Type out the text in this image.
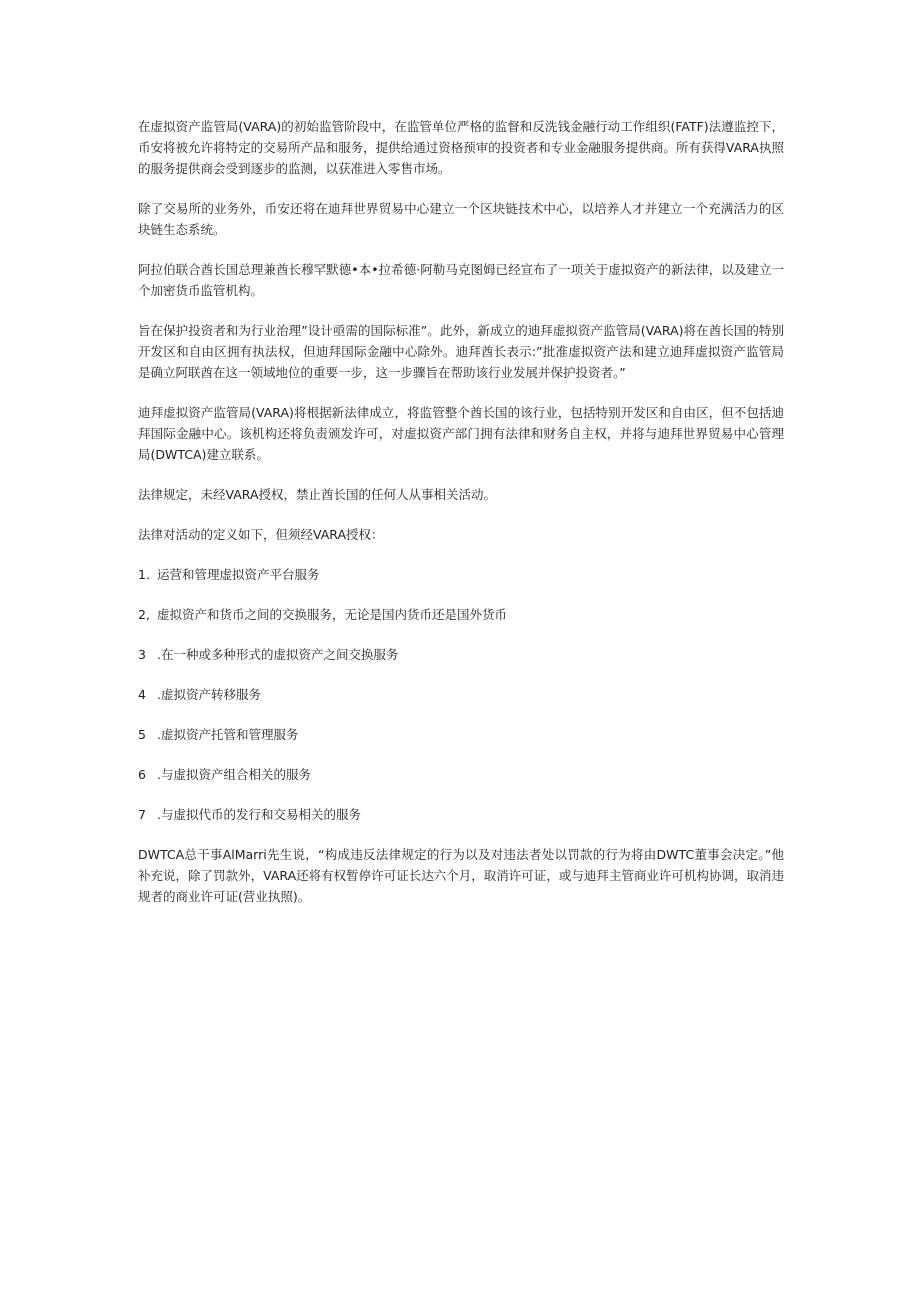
在虚拟资产监管局(VARA)的初始监管阶段中，在监管单位严格的监督和反洗钱金融行动工作组织(FATF)法遵监控下，币安将被允许将特定的交易所产品和服务，提供给通过资格预审的投资者和专业金融服务提供商。所有获得VARA执照的服务提供商会受到逐步的监测，以获准进入零售市场。

除了交易所的业务外，币安还将在迪拜世界贸易中心建立一个区块链技术中心，以培养人才并建立一个充满活力的区块链生态系统。

阿拉伯联合酋长国总理兼酋长穆罕默德•本•拉希德·阿勒马克图姆已经宣布了一项关于虚拟资产的新法律，以及建立一个加密货币监管机构。

旨在保护投资者和为行业治理”设计亟需的国际标准”。此外，新成立的迪拜虚拟资产监管局(VARA)将在酋长国的特别开发区和自由区拥有执法权，但迪拜国际金融中心除外。迪拜酋长表示:”批准虚拟资产法和建立迪拜虚拟资产监管局是确立阿联酋在这一领域地位的重要一步，这一步骤旨在帮助该行业发展并保护投资者。”

迪拜虚拟资产监管局(VARA)将根据新法律成立，将监管整个酋长国的该行业，包括特别开发区和自由区，但不包括迪拜国际金融中心。该机构还将负责颁发许可，对虚拟资产部门拥有法律和财务自主权，并将与迪拜世界贸易中心管理局(DWTCA)建立联系。

法律规定，未经VARA授权，禁止酋长国的任何人从事相关活动。

法律对活动的定义如下，但须经VARA授权：

1. 运营和管理虚拟资产平台服务
2, 虚拟资产和货币之间的交换服务，无论是国内货币还是国外货币
3 .在一种或多种形式的虚拟资产之间交换服务
4 .虚拟资产转移服务
5 .虚拟资产托管和管理服务
6 .与虚拟资产组合相关的服务
7 .与虚拟代币的发行和交易相关的服务

DWTCA总干事AlMarri先生说，“构成违反法律规定的行为以及对违法者处以罚款的行为将由DWTC董事会决定。”他补充说，除了罚款外，VARA还将有权暂停许可证长达六个月，取消许可证，或与迪拜主管商业许可机构协调，取消违规者的商业许可证(营业执照)。
